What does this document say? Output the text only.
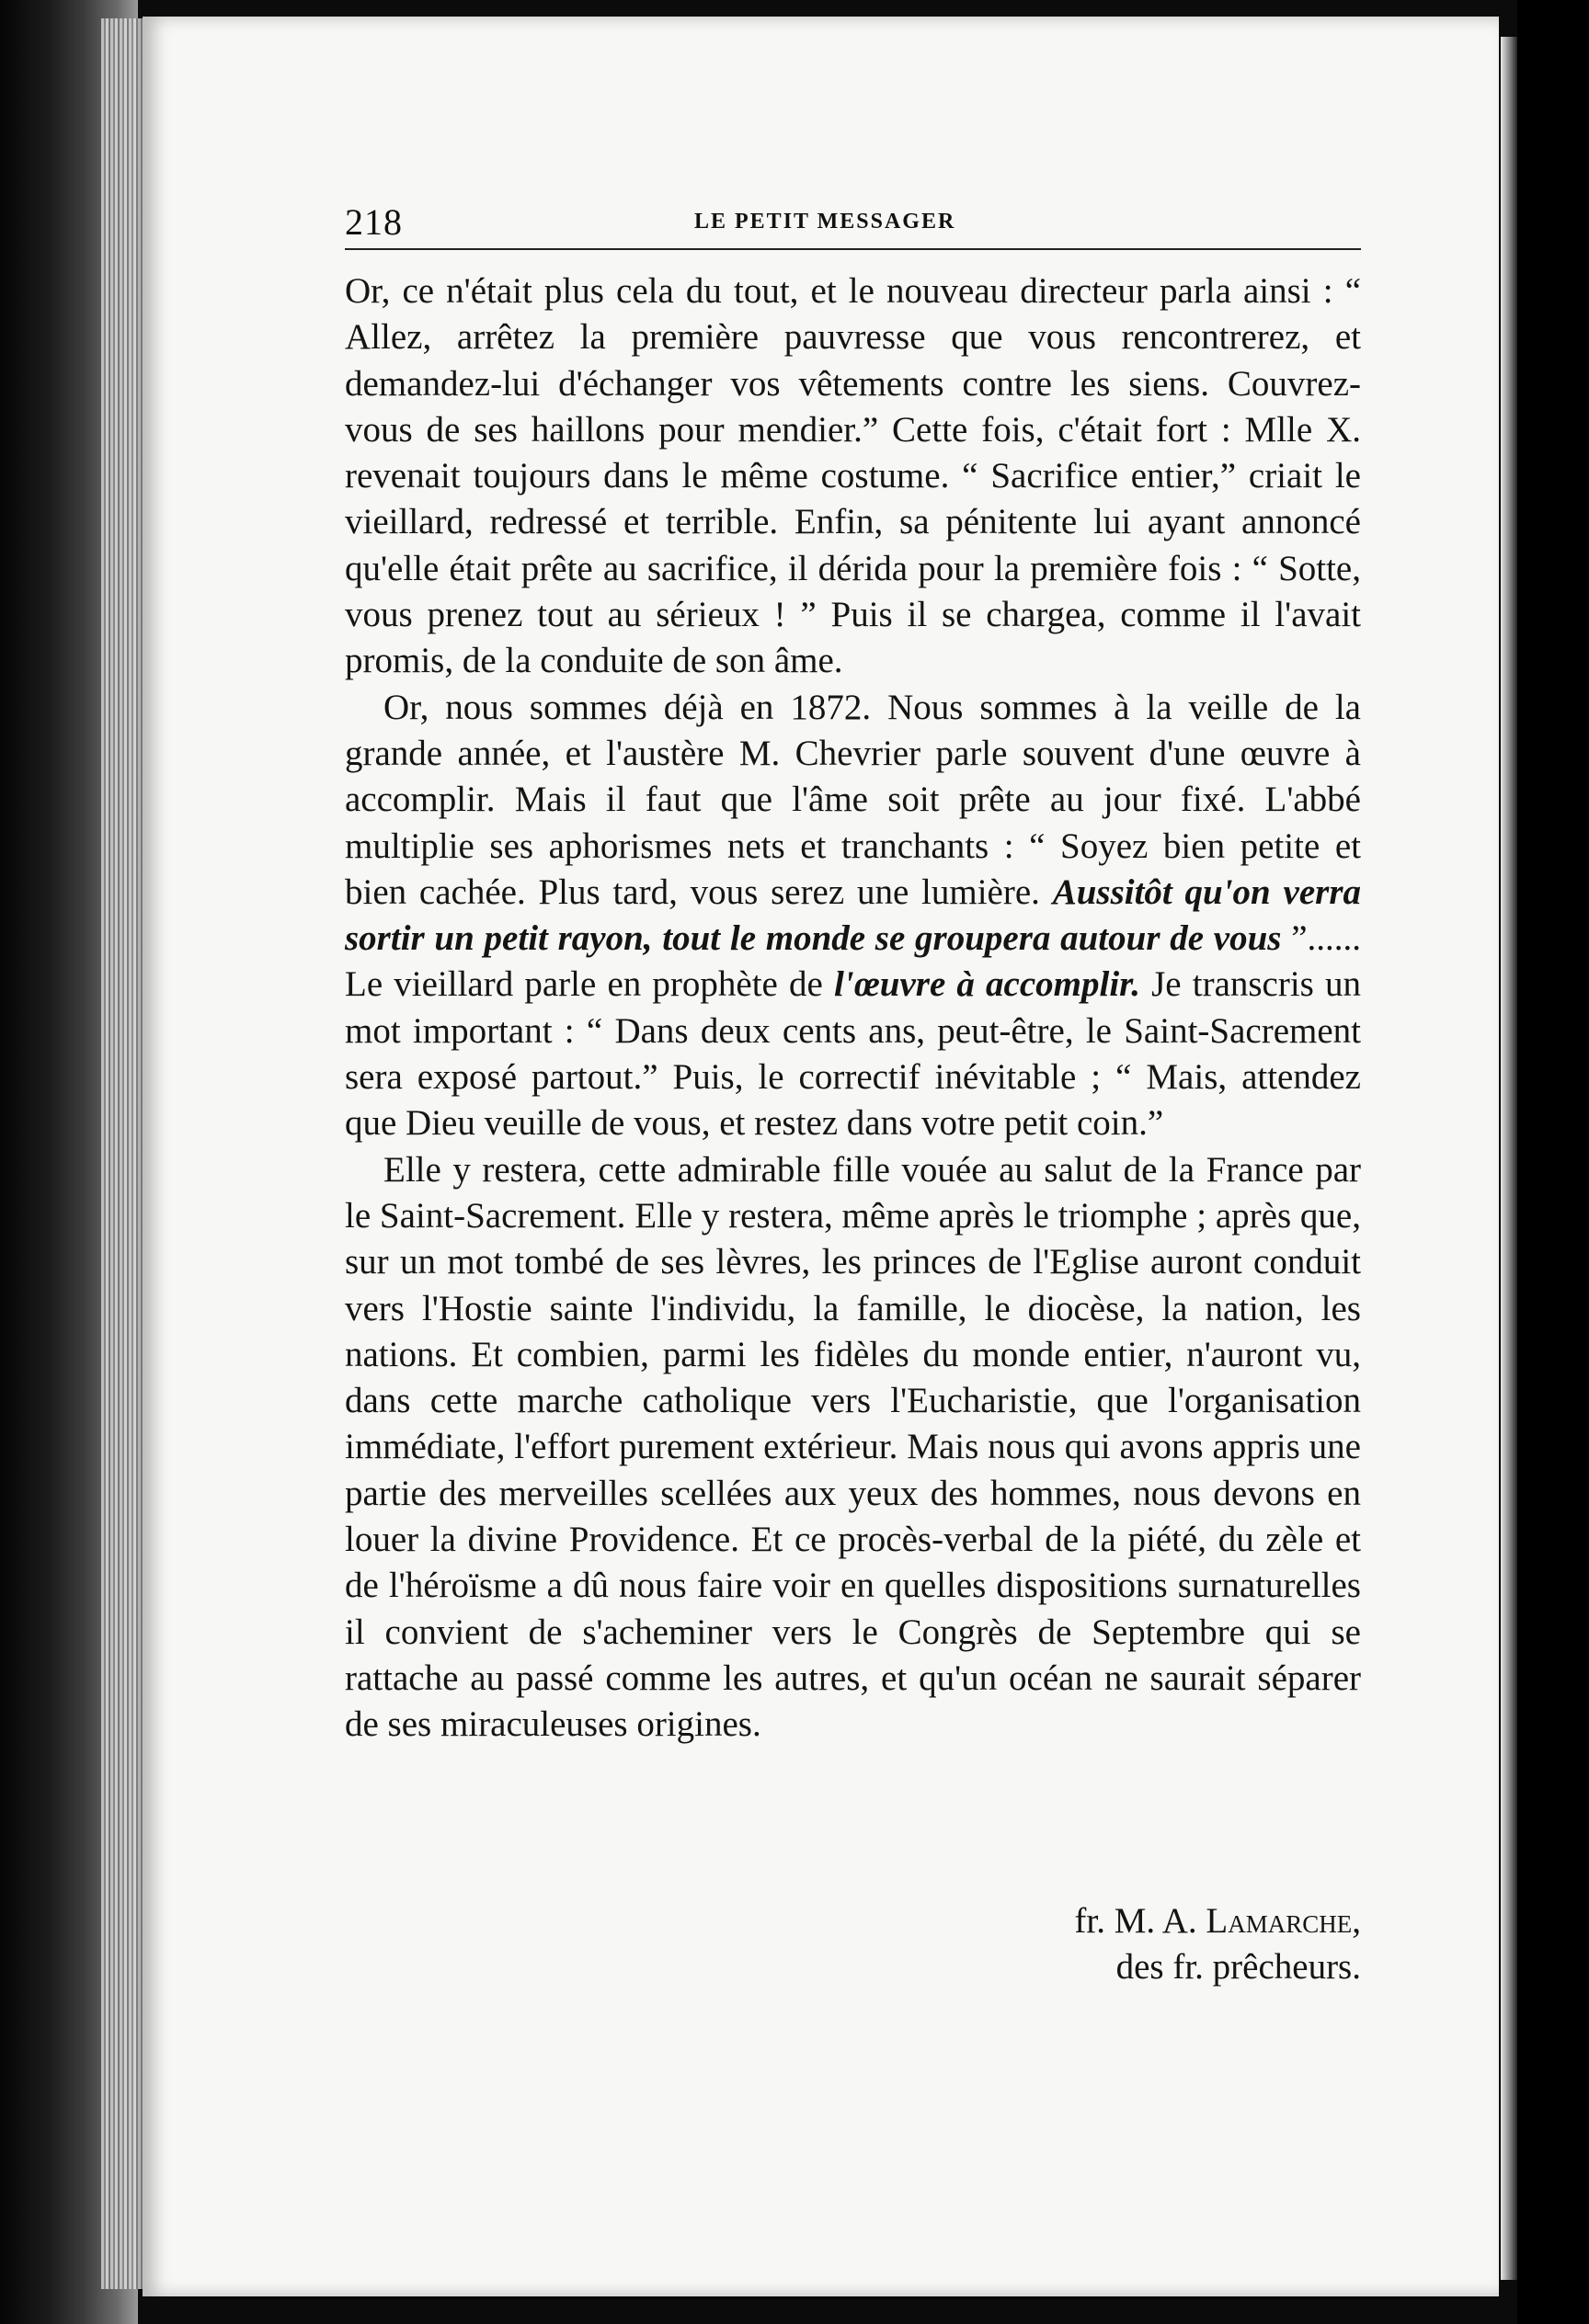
218	LE PETIT MESSAGER

Or, ce n'était plus cela du tout, et le nouveau directeur parla ainsi : “ Allez, arrêtez la première pauvresse que vous rencontrerez, et demandez-lui d'échanger vos vêtements contre les siens. Couvrez-vous de ses haillons pour mendier.” Cette fois, c'était fort : Mlle X. revenait toujours dans le même costume. “ Sacrifice entier,” criait le vieillard, redressé et terrible. Enfin, sa pénitente lui ayant annoncé qu'elle était prête au sacrifice, il dérida pour la première fois : “ Sotte, vous prenez tout au sérieux ! ” Puis il se chargea, comme il l'avait promis, de la conduite de son âme.

Or, nous sommes déjà en 1872. Nous sommes à la veille de la grande année, et l'austère M. Chevrier parle souvent d'une œuvre à accomplir. Mais il faut que l'âme soit prête au jour fixé. L'abbé multiplie ses aphorismes nets et tranchants : “ Soyez bien petite et bien cachée. Plus tard, vous serez une lumière. Aussitôt qu'on verra sortir un petit rayon, tout le monde se groupera autour de vous ”...... Le vieillard parle en prophète de l'œuvre à accomplir. Je transcris un mot important : “ Dans deux cents ans, peut-être, le Saint-Sacrement sera exposé partout.” Puis, le correctif inévitable ; “ Mais, attendez que Dieu veuille de vous, et restez dans votre petit coin.”

Elle y restera, cette admirable fille vouée au salut de la France par le Saint-Sacrement. Elle y restera, même après le triomphe ; après que, sur un mot tombé de ses lèvres, les princes de l'Eglise auront conduit vers l'Hostie sainte l'individu, la famille, le diocèse, la nation, les nations. Et combien, parmi les fidèles du monde entier, n'auront vu, dans cette marche catholique vers l'Eucharistie, que l'organisation immédiate, l'effort purement extérieur. Mais nous qui avons appris une partie des merveilles scellées aux yeux des hommes, nous devons en louer la divine Providence. Et ce procès-verbal de la piété, du zèle et de l'héroïsme a dû nous faire voir en quelles dispositions surnaturelles il convient de s'acheminer vers le Congrès de Septembre qui se rattache au passé comme les autres, et qu'un océan ne saurait séparer de ses miraculeuses origines.

fr. M. A. Lamarche,
des fr. prêcheurs.
